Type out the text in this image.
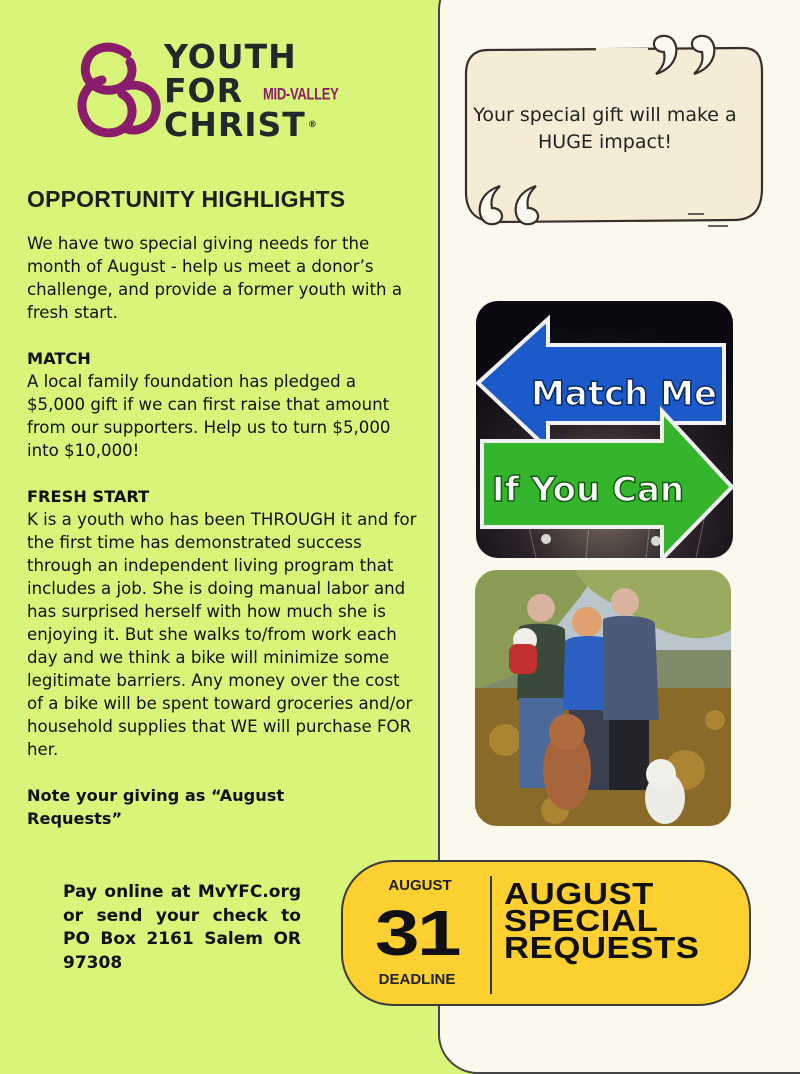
YOUTH
FOR
CHRIST ®
MID-VALLEY
OPPORTUNITY HIGHLIGHTS

We have two special giving needs for the month of August - help us meet a donor’s challenge, and provide a former youth with a fresh start.

MATCH

A local family foundation has pledged a $5,000 gift if we can first raise that amount from our supporters. Help us to turn $5,000 into $10,000!

FRESH START

K is a youth who has been THROUGH it and for the first time has demonstrated success through an independent living program that includes a job. She is doing manual labor and has surprised herself with how much she is enjoying it. But she walks to/from work each day and we think a bike will minimize some legitimate barriers. Any money over the cost of a bike will be spent toward groceries and/or household supplies that WE will purchase FOR her.

Note your giving as “August Requests”
Pay online at MvYFC.org or send your check to PO Box 2161 Salem OR 97308
Your special gift will make a HUGE impact!
Match Me
If You Can
AUGUST
31
DEADLINE
AUGUST
SPECIAL
REQUESTS
